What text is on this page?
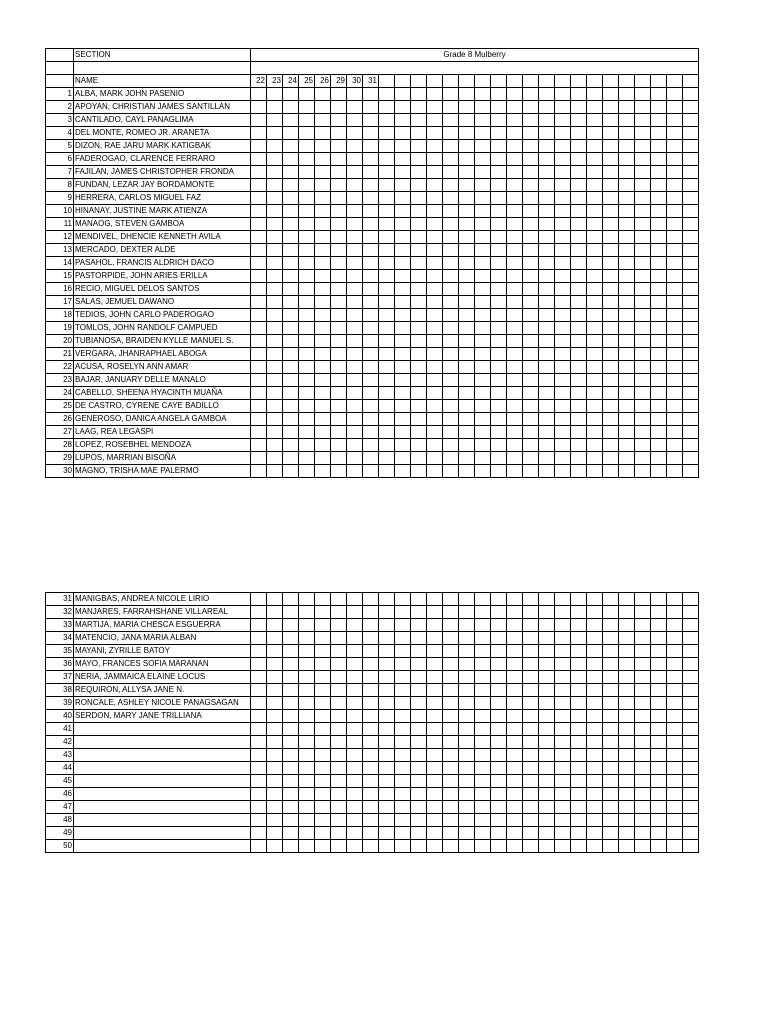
	SECTION	Grade 8 Mulberry																											

	NAME	22	23	24	25	26	29	30	31																				
1	ALBA, MARK JOHN PASENIO																												
2	APOYAN, CHRISTIAN JAMES SANTILLAN																												
3	CANTILADO, CAYL PANAGLIMA																												
4	DEL MONTE, ROMEO JR. ARANETA																												
5	DIZON, RAE JARU MARK KATIGBAK																												
6	FADEROGAO, CLARENCE FERRARO																												
7	FAJILAN, JAMES CHRISTOPHER FRONDA																												
8	FUNDAN, LEZAR JAY BORDAMONTE																												
9	HERRERA, CARLOS MIGUEL FAZ																												
10	HINANAY, JUSTINE MARK ATIENZA																												
11	MANAOG, STEVEN GAMBOA																												
12	MENDIVEL, DHENCIE KENNETH AVILA																												
13	MERCADO, DEXTER ALDE																												
14	PASAHOL, FRANCIS ALDRICH DACO																												
15	PASTORPIDE, JOHN ARIES ERILLA																												
16	RECIO, MIGUEL DELOS SANTOS																												
17	SALAS, JEMUEL DAWANO																												
18	TEDIOS, JOHN CARLO PADEROGAO																												
19	TOMLOS, JOHN RANDOLF CAMPUED																												
20	TUBIANOSA, BRAIDEN KYLLE MANUEL S.																												
21	VERGARA, JHANRAPHAEL ABOGA																												
22	ACUSA, ROSELYN ANN AMAR																												
23	BAJAR, JANUARY DELLE MANALO																												
24	CABELLO, SHEENA HYACINTH MUAÑA																												
25	DE CASTRO, CYRENE CAYE BADILLO																												
26	GENEROSO, DANICA ANGELA GAMBOA																												
27	LAAG, REA LEGASPI																												
28	LOPEZ, ROSEBHEL MENDOZA																												
29	LUPOS, MARRIAN BISOÑA																												
30	MAGNO, TRISHA MAE PALERMO																												
31	MANIGBAS, ANDREA NICOLE LIRIO																												
32	MANJARES, FARRAHSHANE VILLAREAL																												
33	MARTIJA, MARIA CHESCA ESGUERRA																												
34	MATENCIO, JANA MARIA ALBAN																												
35	MAYANI, ZYRILLE BATOY																												
36	MAYO, FRANCES SOFIA MARANAN																												
37	NERIA, JAMMAICA ELAINE LOCUS																												
38	REQUIRON, ALLYSA JANE N.																												
39	RONCALE, ASHLEY NICOLE PANAGSAGAN																												
40	SERDON, MARY JANE TRILLIANA																												
41																													
42																													
43																													
44																													
45																													
46																													
47																													
48																													
49																													
50																													
